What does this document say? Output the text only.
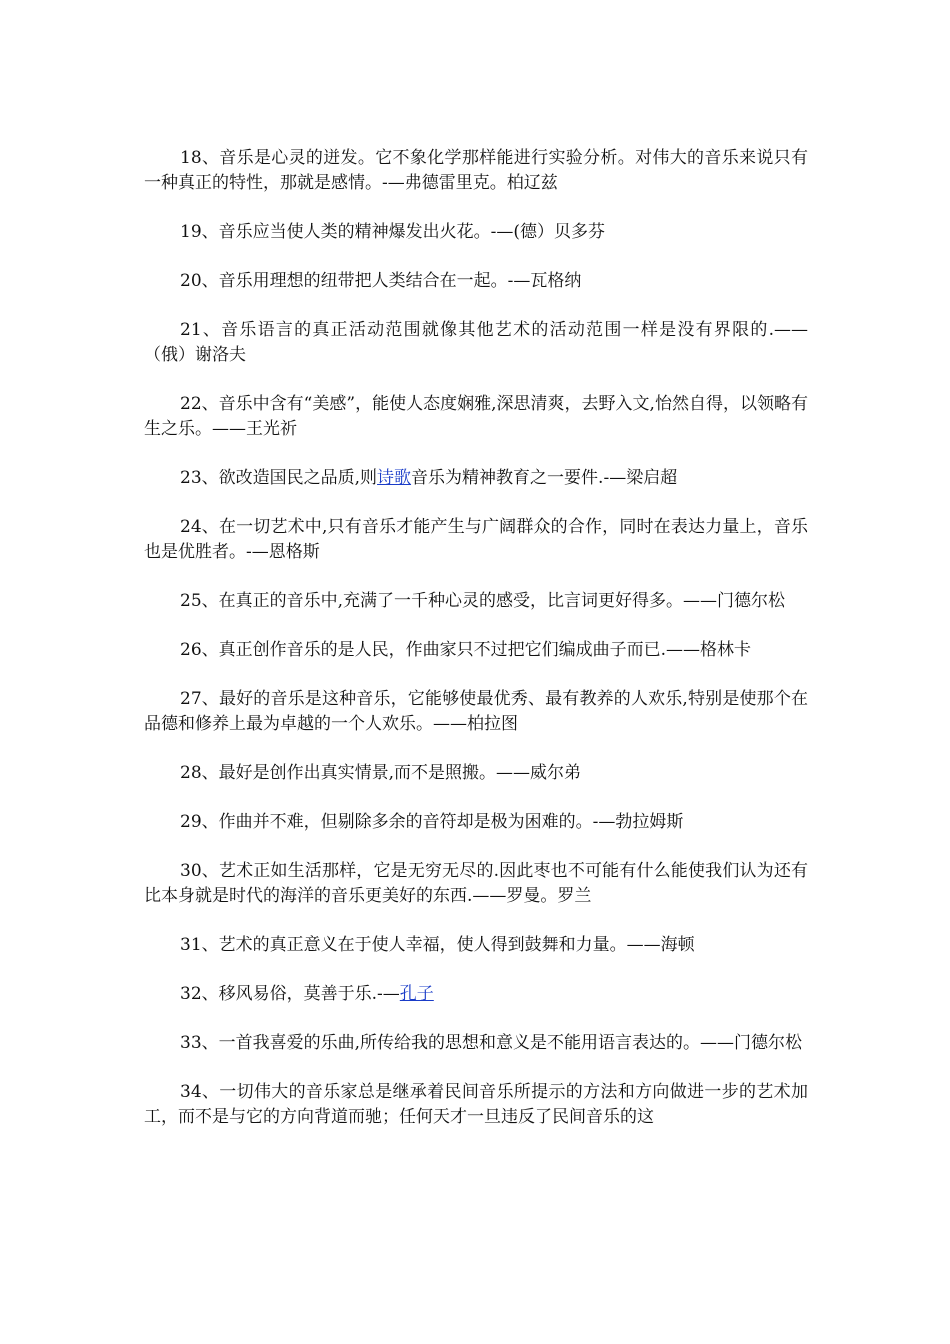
18、音乐是心灵的迸发。它不象化学那样能进行实验分析。对伟大的音乐来说只有一种真正的特性，那就是感情。-—弗德雷里克。柏辽兹

19、音乐应当使人类的精神爆发出火花。-—(德）贝多芬

20、音乐用理想的纽带把人类结合在一起。-—瓦格纳

21、音乐语言的真正活动范围就像其他艺术的活动范围一样是没有界限的.——（俄）谢洛夫

22、音乐中含有“美感”，能使人态度娴雅,深思清爽，去野入文,怡然自得，以领略有生之乐。——王光祈

23、欲改造国民之品质,则诗歌音乐为精神教育之一要件.-—梁启超

24、在一切艺术中,只有音乐才能产生与广阔群众的合作，同时在表达力量上，音乐也是优胜者。-—恩格斯

25、在真正的音乐中,充满了一千种心灵的感受，比言词更好得多。——门德尔松

26、真正创作音乐的是人民，作曲家只不过把它们编成曲子而已.——格林卡

27、最好的音乐是这种音乐，它能够使最优秀、最有教养的人欢乐,特别是使那个在品德和修养上最为卓越的一个人欢乐。——柏拉图

28、最好是创作出真实情景,而不是照搬。——威尔弟

29、作曲并不难，但剔除多余的音符却是极为困难的。-—勃拉姆斯

30、艺术正如生活那样，它是无穷无尽的.因此枣也不可能有什么能使我们认为还有比本身就是时代的海洋的音乐更美好的东西.——罗曼。罗兰

31、艺术的真正意义在于使人幸福，使人得到鼓舞和力量。——海顿

32、移风易俗，莫善于乐.-—孔子

33、一首我喜爱的乐曲,所传给我的思想和意义是不能用语言表达的。——门德尔松

34、一切伟大的音乐家总是继承着民间音乐所提示的方法和方向做进一步的艺术加工，而不是与它的方向背道而驰；任何天才一旦违反了民间音乐的这
